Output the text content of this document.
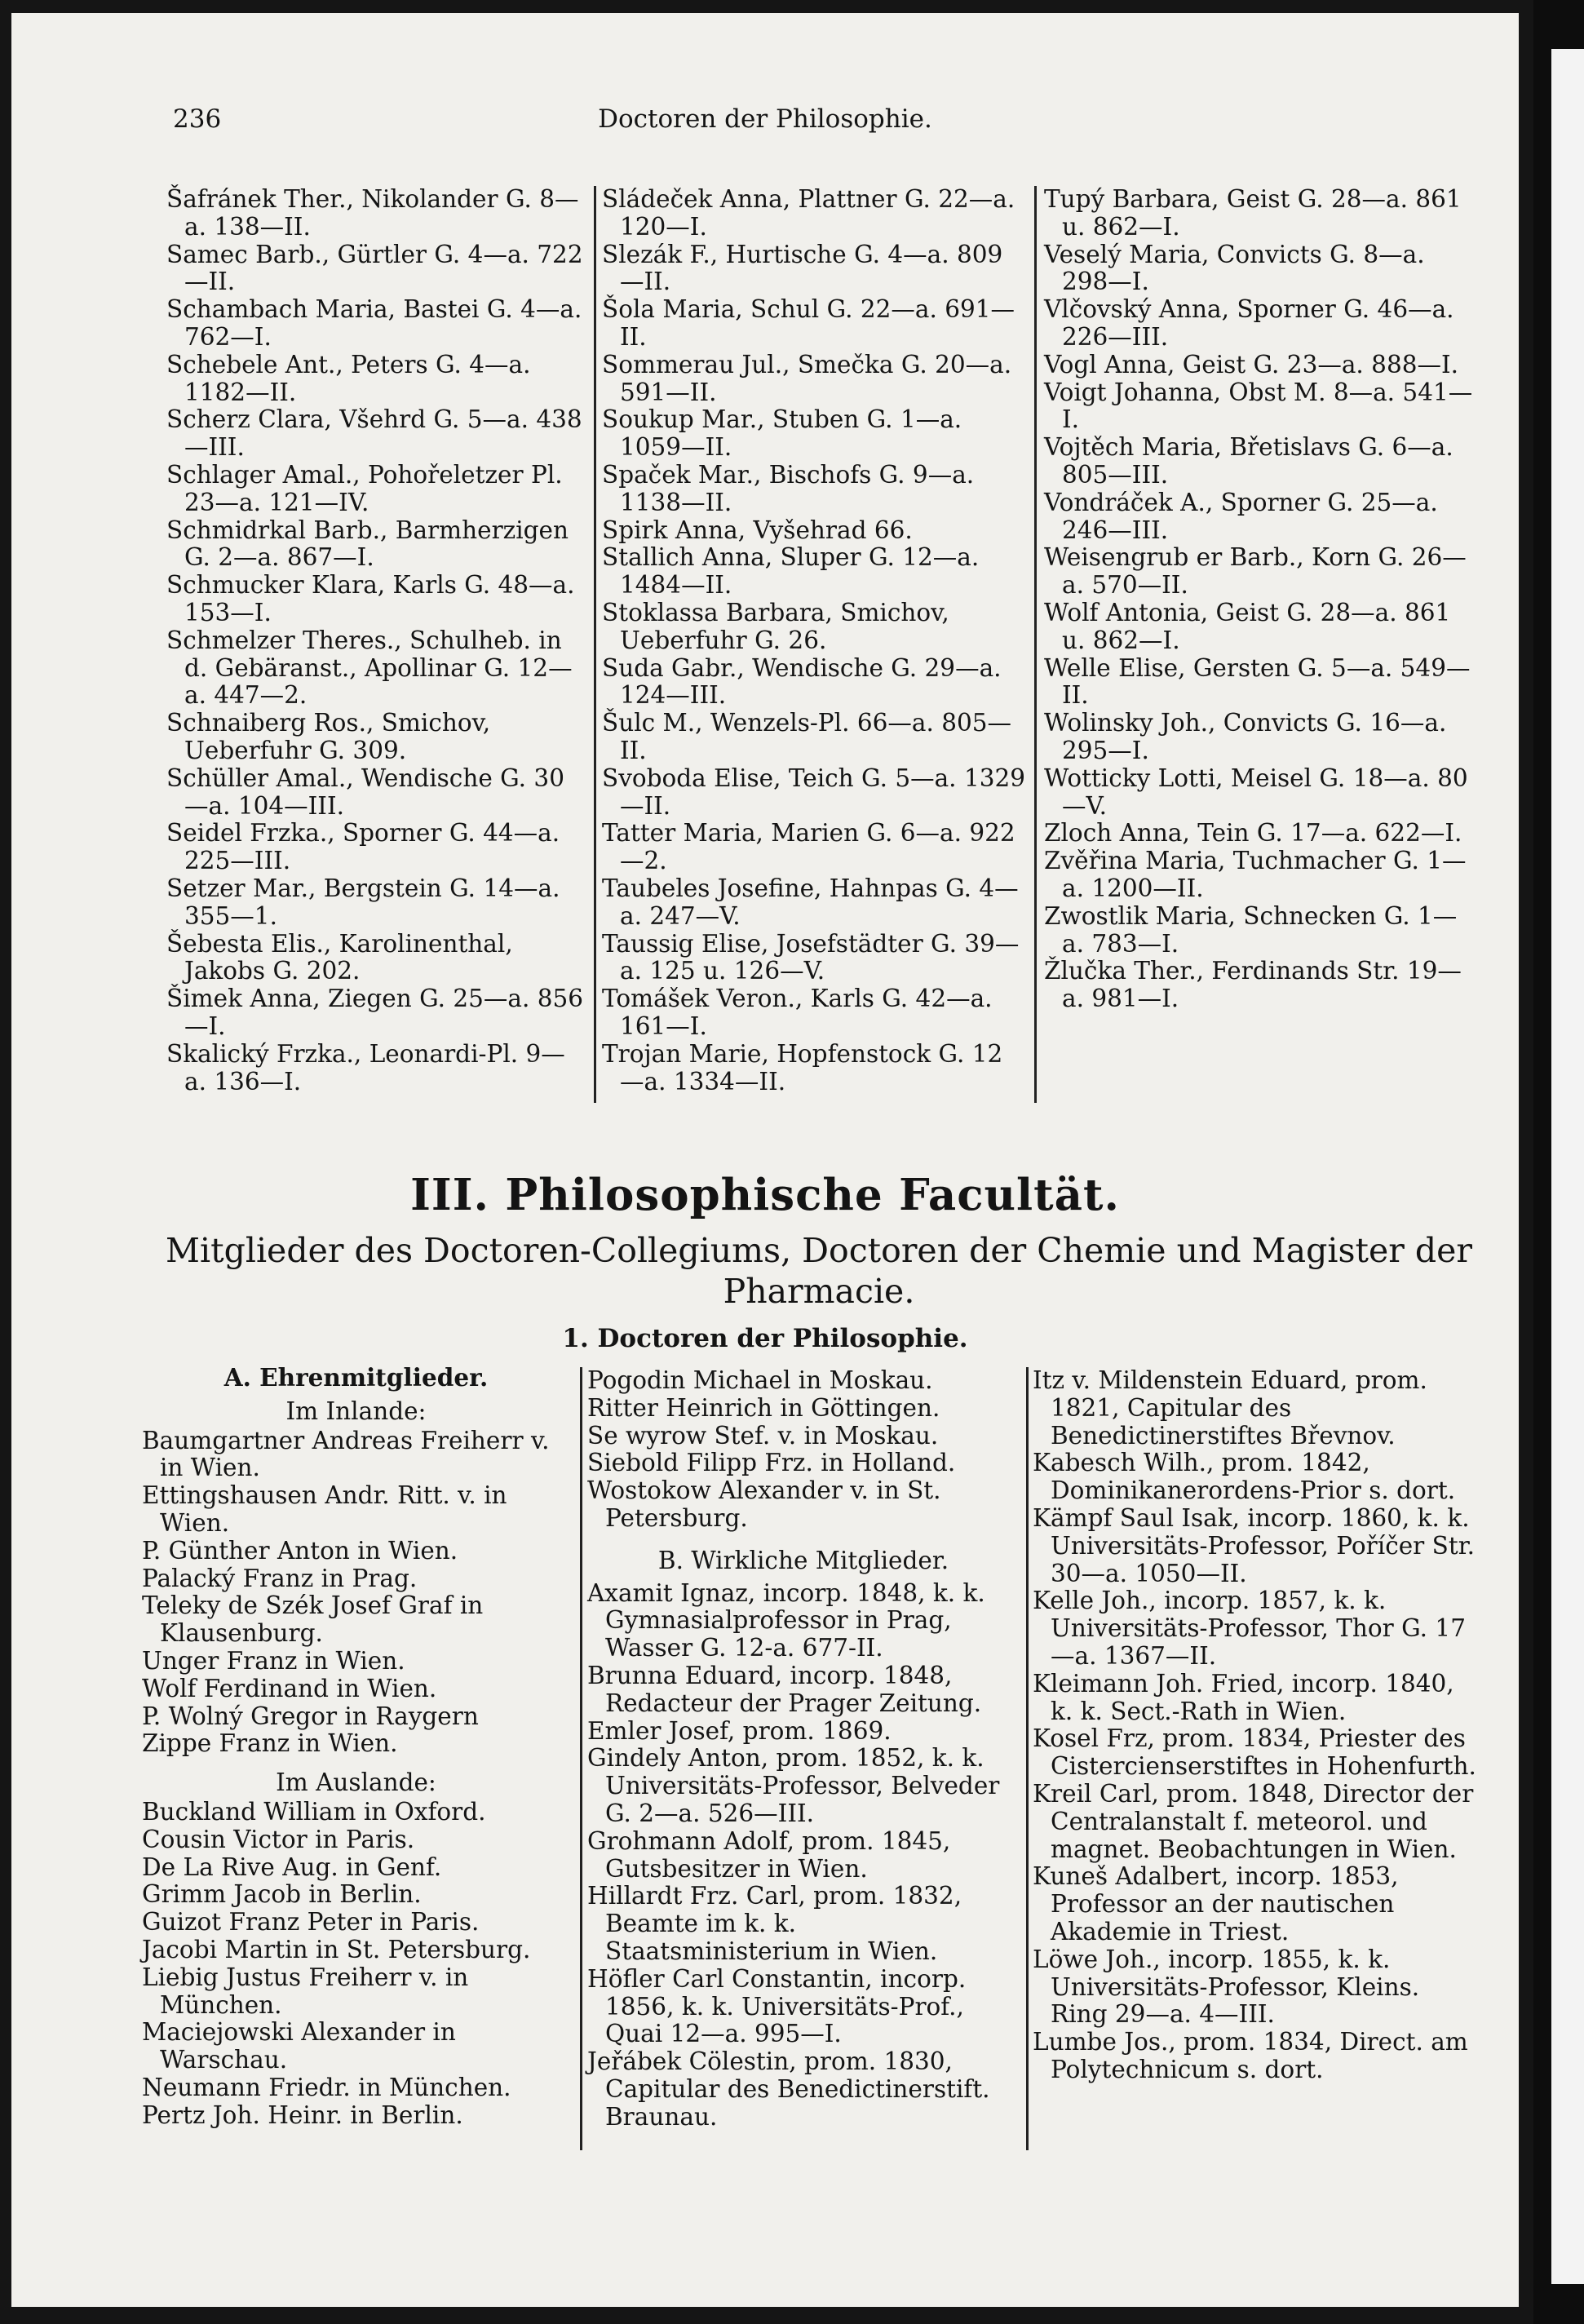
Doctoren der Philosophie.
236
Šafránek Ther., Nikolander G. 8—a. 138—II.
Samec Barb., Gürtler G. 4—a. 722—II.
Schambach Maria, Bastei G. 4—a. 762—I.
Schebele Ant., Peters G. 4—a. 1182—II.
Scherz Clara, Všehrd G. 5—a. 438—III.
Schlager Amal., Pohořeletzer Pl. 23—a. 121—IV.
Schmidrkal Barb., Barmherzigen G. 2—a. 867—I.
Schmucker Klara, Karls G. 48—a. 153—I.
Schmelzer Theres., Schulheb. in d. Gebäranst., Apollinar G. 12—a. 447—2.
Schnaiberg Ros., Smichov, Ueberfuhr G. 309.
Schüller Amal., Wendische G. 30—a. 104—III.
Seidel Frzka., Sporner G. 44—a. 225—III.
Setzer Mar., Bergstein G. 14—a. 355—1.
Šebesta Elis., Karolinenthal, Jakobs G. 202.
Šimek Anna, Ziegen G. 25—a. 856—I.
Skalický Frzka., Leonardi-Pl. 9—a. 136—I.
Sládeček Anna, Plattner G. 22—a. 120—I.
Slezák F., Hurtische G. 4—a. 809—II.
Šola Maria, Schul G. 22—a. 691—II.
Sommerau Jul., Smečka G. 20—a. 591—II.
Soukup Mar., Stuben G. 1—a. 1059—II.
Spaček Mar., Bischofs G. 9—a. 1138—II.
Spirk Anna, Vyšehrad 66.
Stallich Anna, Sluper G. 12—a. 1484—II.
Stoklassa Barbara, Smichov, Ueberfuhr G. 26.
Suda Gabr., Wendische G. 29—a. 124—III.
Šulc M., Wenzels-Pl. 66—a. 805—II.
Svoboda Elise, Teich G. 5—a. 1329—II.
Tatter Maria, Marien G. 6—a. 922—2.
Taubeles Josefine, Hahnpas G. 4—a. 247—V.
Taussig Elise, Josefstädter G. 39—a. 125 u. 126—V.
Tomášek Veron., Karls G. 42—a. 161—I.
Trojan Marie, Hopfenstock G. 12—a. 1334—II.
Tupý Barbara, Geist G. 28—a. 861 u. 862—I.
Veselý Maria, Convicts G. 8—a. 298—I.
Vlčovský Anna, Sporner G. 46—a. 226—III.
Vogl Anna, Geist G. 23—a. 888—I.
Voigt Johanna, Obst M. 8—a. 541—I.
Vojtěch Maria, Břetislavs G. 6—a. 805—III.
Vondráček A., Sporner G. 25—a. 246—III.
Weisengrub er Barb., Korn G. 26—a. 570—II.
Wolf Antonia, Geist G. 28—a. 861 u. 862—I.
Welle Elise, Gersten G. 5—a. 549—II.
Wolinsky Joh., Convicts G. 16—a. 295—I.
Wotticky Lotti, Meisel G. 18—a. 80—V.
Zloch Anna, Tein G. 17—a. 622—I.
Zvěřina Maria, Tuchmacher G. 1—a. 1200—II.
Zwostlik Maria, Schnecken G. 1—a. 783—I.
Žlučka Ther., Ferdinands Str. 19—a. 981—I.
III. Philosophische Facultät.
Mitglieder des Doctoren-Collegiums, Doctoren der Chemie und Magister der Pharmacie.
1. Doctoren der Philosophie.
A. Ehrenmitglieder.
Im Inlande:
Baumgartner Andreas Freiherr v. in Wien.
Ettingshausen Andr. Ritt. v. in Wien.
P. Günther Anton in Wien.
Palacký Franz in Prag.
Teleky de Szék Josef Graf in Klausenburg.
Unger Franz in Wien.
Wolf Ferdinand in Wien.
P. Wolný Gregor in Raygern
Zippe Franz in Wien.
Im Auslande:
Buckland William in Oxford.
Cousin Victor in Paris.
De La Rive Aug. in Genf.
Grimm Jacob in Berlin.
Guizot Franz Peter in Paris.
Jacobi Martin in St. Petersburg.
Liebig Justus Freiherr v. in München.
Maciejowski Alexander in Warschau.
Neumann Friedr. in München.
Pertz Joh. Heinr. in Berlin.
Pogodin Michael in Moskau.
Ritter Heinrich in Göttingen.
Se wyrow Stef. v. in Moskau.
Siebold Filipp Frz. in Holland.
Wostokow Alexander v. in St. Petersburg.
B. Wirkliche Mitglieder.
Axamit Ignaz, incorp. 1848, k. k. Gymnasialprofessor in Prag, Wasser G. 12-a. 677-II.
Brunna Eduard, incorp. 1848, Redacteur der Prager Zeitung.
Emler Josef, prom. 1869.
Gindely Anton, prom. 1852, k. k. Universitäts-Professor, Belveder G. 2—a. 526—III.
Grohmann Adolf, prom. 1845, Gutsbesitzer in Wien.
Hillardt Frz. Carl, prom. 1832, Beamte im k. k. Staatsministerium in Wien.
Höfler Carl Constantin, incorp. 1856, k. k. Universitäts-Prof., Quai 12—a. 995—I.
Jeřábek Cölestin, prom. 1830, Capitular des Benedictinerstift. Braunau.
Itz v. Mildenstein Eduard, prom. 1821, Capitular des Benedictinerstiftes Břevnov.
Kabesch Wilh., prom. 1842, Dominikanerordens-Prior s. dort.
Kämpf Saul Isak, incorp. 1860, k. k. Universitäts-Professor, Poříčer Str. 30—a. 1050—II.
Kelle Joh., incorp. 1857, k. k. Universitäts-Professor, Thor G. 17—a. 1367—II.
Kleimann Joh. Fried, incorp. 1840, k. k. Sect.-Rath in Wien.
Kosel Frz, prom. 1834, Priester des Cistercienserstiftes in Hohenfurth.
Kreil Carl, prom. 1848, Director der Centralanstalt f. meteorol. und magnet. Beobachtungen in Wien.
Kuneš Adalbert, incorp. 1853, Professor an der nautischen Akademie in Triest.
Löwe Joh., incorp. 1855, k. k. Universitäts-Professor, Kleins. Ring 29—a. 4—III.
Lumbe Jos., prom. 1834, Direct. am Polytechnicum s. dort.
